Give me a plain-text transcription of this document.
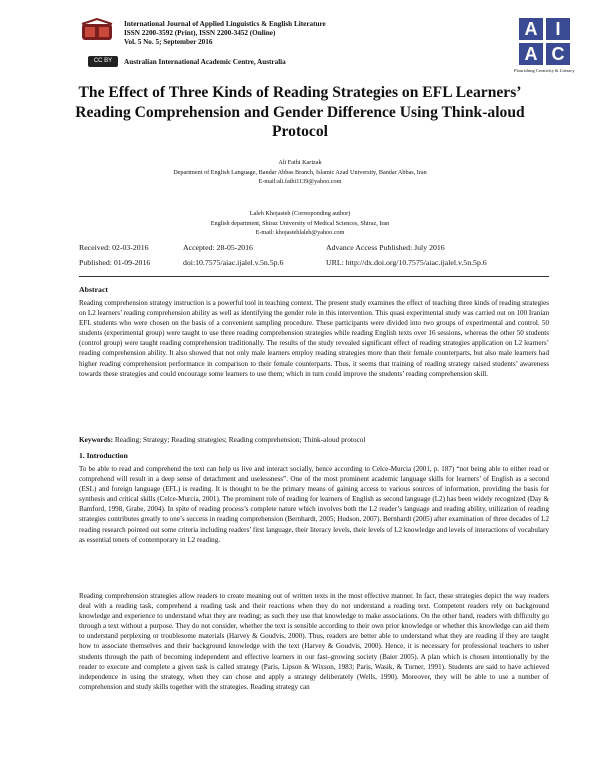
CC BY
International Journal of Applied Linguistics & English Literature
ISSN 2200-3592 (Print), ISSN 2200-3452 (Online)
Vol. 5 No. 5; September 2016
Australian International Academic Centre, Australia
A I
A C
Flourishing Creativity & Literacy
The Effect of Three Kinds of Reading Strategies on EFL Learners’ Reading Comprehension and Gender Difference Using Think-aloud Protocol
Ali Fathi Karizak
Department of English Language, Bandar Abbas Branch, Islamic Azad University, Bandar Abbas, Iran
E-mail:ali.fathi1139@yahoo.com
Laleh Khojasteh (Corresponding author)
English department, Shiraz University of Medical Sciences, Shiraz, Iran
E-mail: khojastehlaleh@yahoo.com
Received: 02-03-2016	Accepted: 28-05-2016	Advance Access Published: July 2016
Published: 01-09-2016	doi:10.7575/aiac.ijalel.v.5n.5p.6	URL: http://dx.doi.org/10.7575/aiac.ijalel.v.5n.5p.6
Abstract
Reading comprehension strategy instruction is a powerful tool in teaching context. The present study examines the effect of teaching three kinds of reading strategies on L2 learners’ reading comprehension ability as well as identifying the gender role in this intervention. This quasi experimental study was carried out on 100 Iranian EFL students who were chosen on the basis of a convenient sampling procedure. These participants were divided into two groups of experimental and control. 50 students (experimental group) were taught to use three reading comprehension strategies while reading English texts over 16 sessions, whereas the other 50 students (control group) were taught reading comprehension traditionally. The results of the study revealed significant effect of reading strategies application on L2 learners’ reading comprehension ability. It also showed that not only male learners employ reading strategies more than their female counterparts, but also male learners had higher reading comprehension performance in comparison to their female counterparts. Thus, it seems that training of reading strategy raised students’ awareness towards these strategies and could encourage some learners to use them; which in turn could improve the students’ reading comprehension skill.
Keywords: Reading; Strategy; Reading strategies; Reading comprehension; Think-aloud protocol
1. Introduction
To be able to read and comprehend the text can help us live and interact socially, hence according to Celce-Murcia (2001, p. 187) “not being able to either read or comprehend will result in a deep sense of detachment and uselessness”. One of the most prominent academic language skills for learners’ of English as a second (ESL) and foreign language (EFL) is reading. It is thought to be the primary means of gaining access to various sources of information, providing the basis for synthesis and critical skills (Celce-Murcia, 2001). The prominent role of reading for learners of English as second language (L2) has been widely recognized (Day & Bamford, 1998, Grabe, 2004). In spite of reading process’s complete nature which involves both the L2 reader’s language and reading ability, utilization of reading strategies contributes greatly to one’s success in reading comprehension (Bernhardt, 2005; Hudson, 2007). Bernhardt (2005) after examination of three decades of L2 reading research pointed out some criteria including readers’ first language, their literacy levels, their levels of L2 knowledge and levels of interactions of vocabulary as essential tenets of contemporary in L2 reading.
Reading comprehension strategies allow readers to create meaning out of written texts in the most effective manner. In fact, these strategies depict the way readers deal with a reading task, comprehend a reading task and their reactions when they do not understand a reading text. Competent readers rely on background knowledge and experience to understand what they are reading; as such they use that knowledge to make associations. On the other hand, readers with difficulty go through a text without a purpose. They do not consider, whether the text is sensible according to their own prior knowledge or whether this knowledge can aid them to understand perplexing or troublesome materials (Harvey & Goudvis, 2000). Thus, readers are better able to understand what they are reading if they are taught how to associate themselves and their background knowledge with the text (Harvey & Goudvis, 2000). Hence, it is necessary for professional teachers to usher students through the path of becoming independent and effective learners in our fast–growing society (Baier 2005). A plan which is chosen intentionally by the reader to execute and complete a given task is called strategy (Paris, Lipson & Wixson, 1983; Paris, Wasik, & Turner, 1991). Students are said to have achieved independence in using the strategy, when they can chose and apply a strategy deliberately (Wells, 1990). Moreover, they will be able to use a number of comprehension and study skills together with the strategies. Reading strategy can
